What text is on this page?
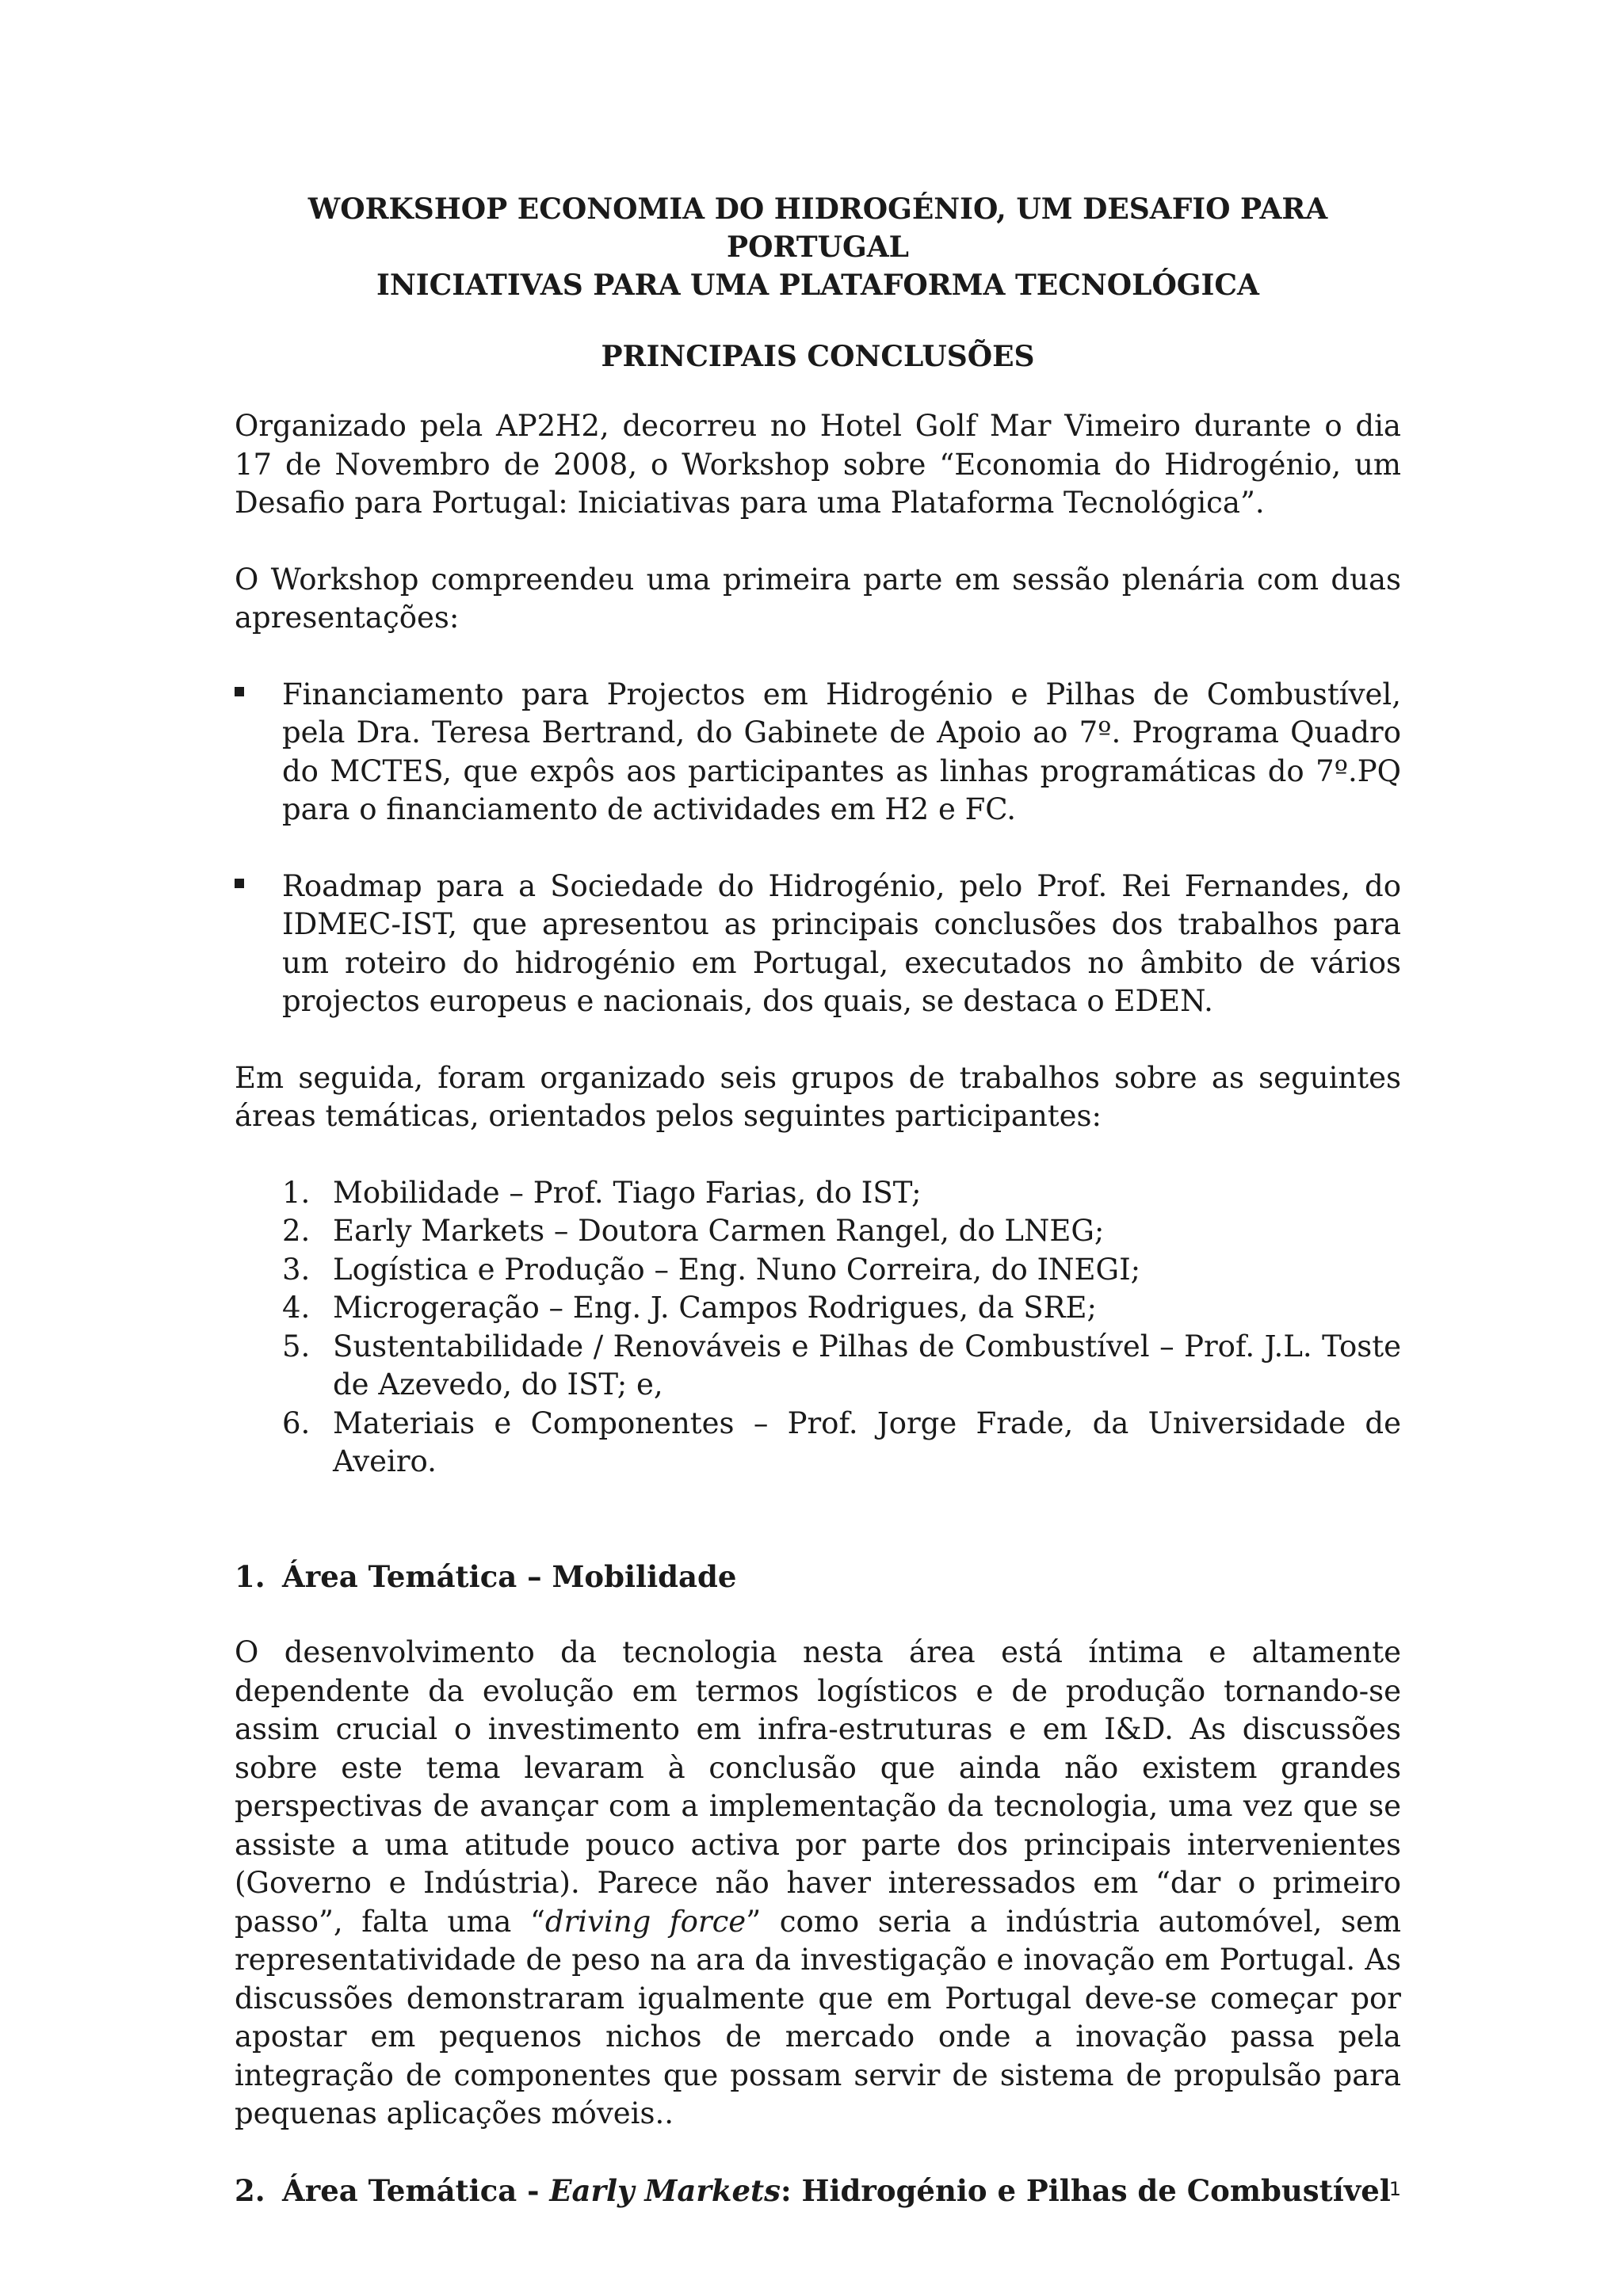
WORKSHOP ECONOMIA DO HIDROGÉNIO, UM DESAFIO PARA PORTUGAL
INICIATIVAS PARA UMA PLATAFORMA TECNOLÓGICA
PRINCIPAIS CONCLUSÕES

Organizado pela AP2H2, decorreu no Hotel Golf Mar Vimeiro durante o dia 17 de Novembro de 2008, o Workshop sobre “Economia do Hidrogénio, um Desafio para Portugal: Iniciativas para uma Plataforma Tecnológica”.

O Workshop compreendeu uma primeira parte em sessão plenária com duas apresentações:

Financiamento para Projectos em Hidrogénio e Pilhas de Combustível, pela Dra. Teresa Bertrand, do Gabinete de Apoio ao 7º. Programa Quadro do MCTES, que expôs aos participantes as linhas programáticas do 7º.PQ para o financiamento de actividades em H2 e FC.
Roadmap para a Sociedade do Hidrogénio, pelo Prof. Rei Fernandes, do IDMEC-IST, que apresentou as principais conclusões dos trabalhos para um roteiro do hidrogénio em Portugal, executados no âmbito de vários projectos europeus e nacionais, dos quais, se destaca o EDEN.

Em seguida, foram organizado seis grupos de trabalhos sobre as seguintes áreas temáticas, orientados pelos seguintes participantes:

1. Mobilidade – Prof. Tiago Farias, do IST;
2. Early Markets – Doutora Carmen Rangel, do LNEG;
3. Logística e Produção – Eng. Nuno Correira, do INEGI;
4. Microgeração – Eng. J. Campos Rodrigues, da SRE;
5. Sustentabilidade / Renováveis e Pilhas de Combustível – Prof. J.L. Toste de Azevedo, do IST; e,
6. Materiais e Componentes – Prof. Jorge Frade, da Universidade de Aveiro.
1. Área Temática – Mobilidade

O desenvolvimento da tecnologia nesta área está íntima e altamente dependente da evolução em termos logísticos e de produção tornando-se assim crucial o investimento em infra-estruturas e em I&D. As discussões sobre este tema levaram à conclusão que ainda não existem grandes perspectivas de avançar com a implementação da tecnologia, uma vez que se assiste a uma atitude pouco activa por parte dos principais intervenientes (Governo e Indústria). Parece não haver interessados em “dar o primeiro passo”, falta uma “driving force” como seria a indústria automóvel, sem representatividade de peso na ara da investigação e inovação em Portugal. As discussões demonstraram igualmente que em Portugal deve-se começar por apostar em pequenos nichos de mercado onde a inovação passa pela integração de componentes que possam servir de sistema de propulsão para pequenas aplicações móveis..

2. Área Temática - Early Markets: Hidrogénio e Pilhas de Combustível
1
